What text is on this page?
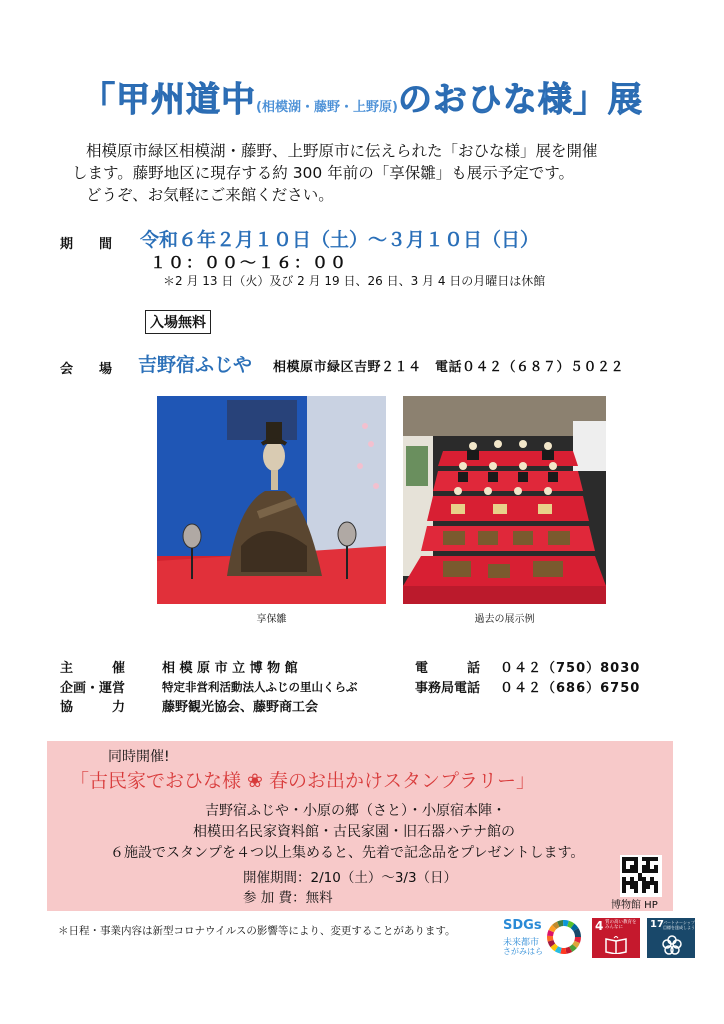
「甲州道中(相模湖・藤野・上野原)のおひな様」展
相模原市緑区相模湖・藤野、上野原市に伝えられた「おひな様」展を開催
します。藤野地区に現存する約 300 年前の「享保雛」も展示予定です。
どうぞ、お気軽にご来館ください。
期　　間 令和６年２月１０日（土）～３月１０日（日）
１０：００～１６：００
＊2 月 13 日（火）及び 2 月 19 日、26 日、3 月 4 日の月曜日は休館
入場無料
会　　場 吉野宿ふじや 相模原市緑区吉野２１４　電話０４２（６８７）５０２２
享保雛	過去の展示例
主　　　催	相 模 原 市 立 博 物 館	電　　　話 ０４２（750）8030
企画・運営	特定非営利活動法人ふじの里山くらぶ	事務局電話 ０４２（686）6750
協　　　力	藤野観光協会、藤野商工会
同時開催!
「古民家でおひな様 ❀ 春のお出かけスタンプラリー」
吉野宿ふじや・小原の郷（さと）・小原宿本陣・
相模田名民家資料館・古民家園・旧石器ハテナ館の
６施設でスタンプを４つ以上集めると、先着で記念品をプレゼントします。
開催期間：2/10（土）～3/3（日）
参 加 費：無料	博物館 HP
＊日程・事業内容は新型コロナウイルスの影響等により、変更することがあります。	SDGs
未来都市
さがみはら
4 質の高い教育を
みんなに	17 パートナーシップで
目標を達成しよう
